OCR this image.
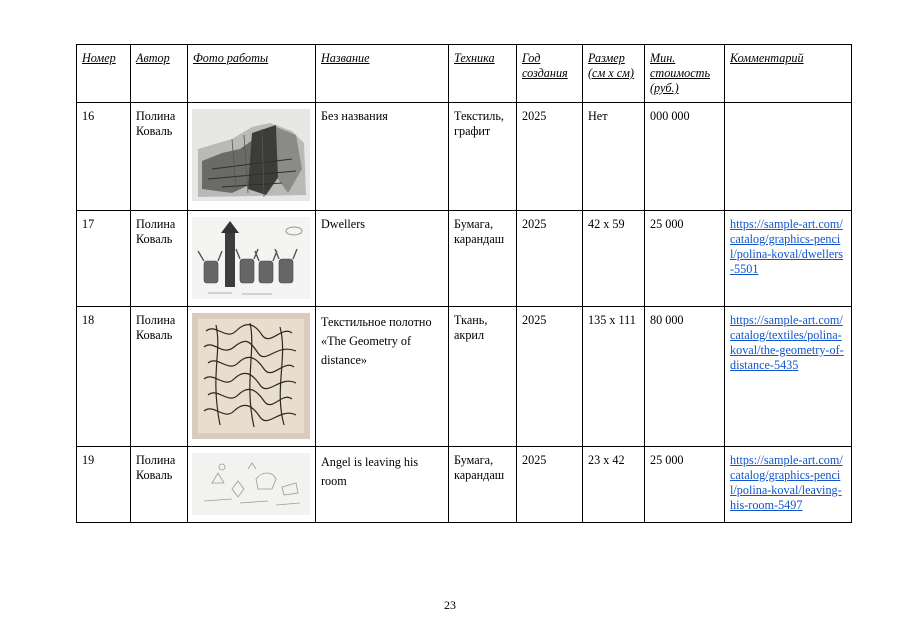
Номер	Автор	Фото работы	Название	Техника	Год создания	Размер (см х см)	Мин. стоимость (руб.)	Комментарий
16	Полина Коваль		Без названия	Текстиль, графит	2025	Нет	000 000	
17	Полина Коваль		Dwellers	Бумага, карандаш	2025	42 х 59	25 000	https://sample-art.com/catalog/graphics-pencil/polina-koval/dwellers-5501
18	Полина Коваль		Текстильное полотно «The Geometry of distance»	Ткань, акрил	2025	135 х 111	80 000	https://sample-art.com/catalog/textiles/polina-koval/the-geometry-of-distance-5435
19	Полина Коваль		Angel is leaving his room	Бумага, карандаш	2025	23 х 42	25 000	https://sample-art.com/catalog/graphics-pencil/polina-koval/leaving-his-room-5497
23
